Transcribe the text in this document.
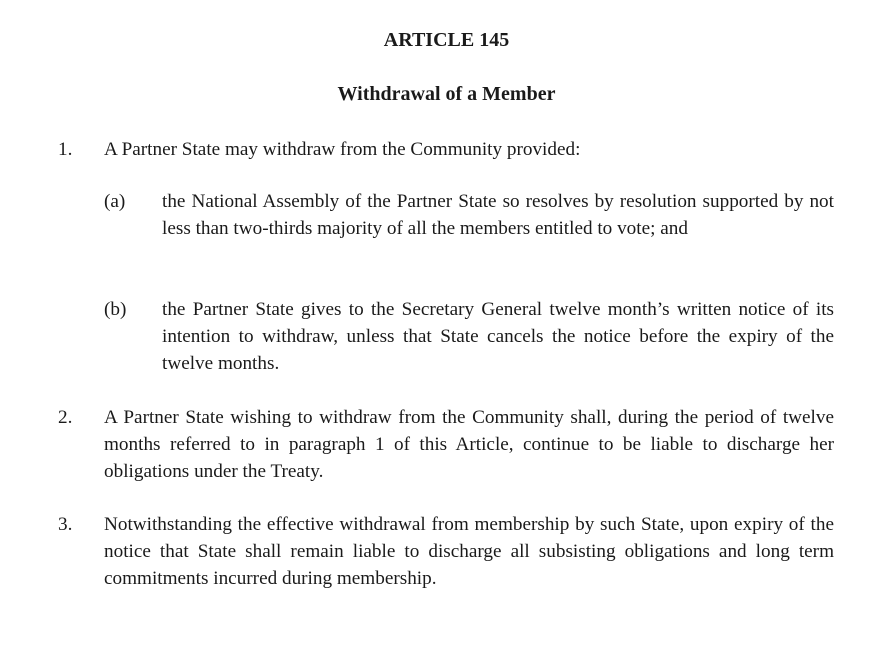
ARTICLE 145
Withdrawal of a Member
1. A Partner State may withdraw from the Community provided:
(a) the National Assembly of the Partner State so resolves by resolution supported by not less than two-thirds majority of all the members entitled to vote; and
(b) the Partner State gives to the Secretary General twelve month’s written notice of its intention to withdraw, unless that State cancels the notice before the expiry of the twelve months.
2. A Partner State wishing to withdraw from the Community shall, during the period of twelve months referred to in paragraph 1 of this Article, continue to be liable to discharge her obligations under the Treaty.
3. Notwithstanding the effective withdrawal from membership by such State, upon expiry of the notice that State shall remain liable to discharge all subsisting obligations and long term commitments incurred during membership.
